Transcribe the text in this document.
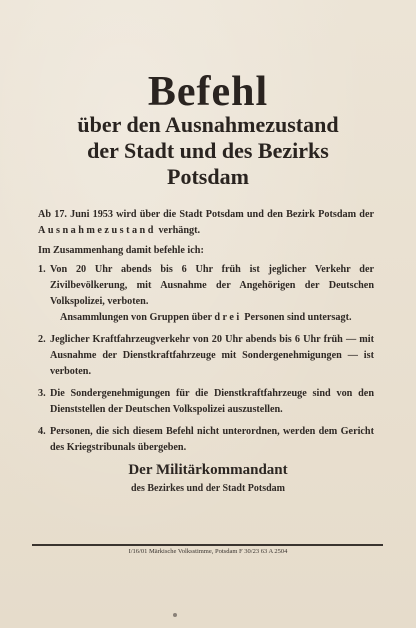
Befehl
über den Ausnahmezustand
der Stadt und des Bezirks
Potsdam
Ab 17. Juni 1953 wird über die Stadt Potsdam und den Bezirk Potsdam der Ausnahmezustand verhängt.
Im Zusammenhang damit befehle ich:
1. Von 20 Uhr abends bis 6 Uhr früh ist jeglicher Verkehr der Zivilbevölkerung, mit Ausnahme der Angehörigen der Deutschen Volkspolizei, verboten.

Ansammlungen von Gruppen über drei Personen sind untersagt.

2. Jeglicher Kraftfahrzeugverkehr von 20 Uhr abends bis 6 Uhr früh — mit Ausnahme der Dienstkraftfahrzeuge mit Sondergenehmigungen — ist verboten.

3. Die Sondergenehmigungen für die Dienstkraftfahrzeuge sind von den Dienststellen der Deutschen Volkspolizei auszustellen.

4. Personen, die sich diesem Befehl nicht unterordnen, werden dem Gericht des Kriegstribunals übergeben.

Der Militärkommandant
des Bezirkes und der Stadt Potsdam
I/16/01 Märkische Volksstimme, Potsdam F 30/23 63 A 2504
